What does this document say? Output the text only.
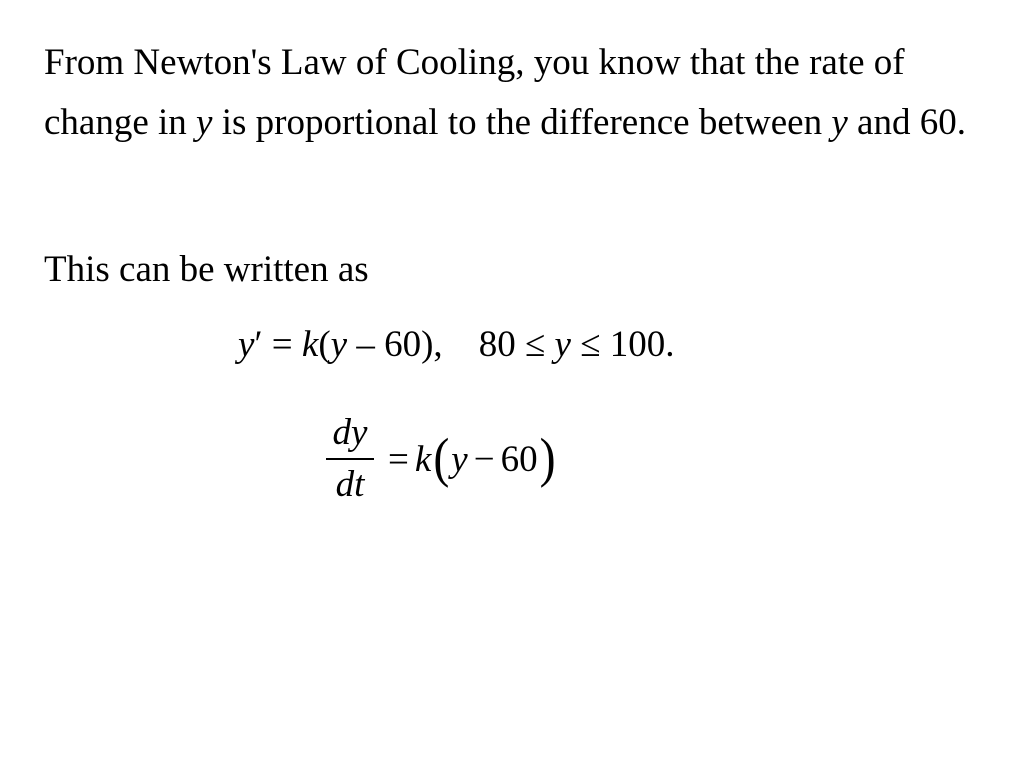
From Newton's Law of Cooling, you know that the rate of change in y is proportional to the difference between y and 60.

This can be written as

y′ = k(y – 60), 80 ≤ y ≤ 100.
$\frac{dy}{dt} = k$ ( y − 60 )
